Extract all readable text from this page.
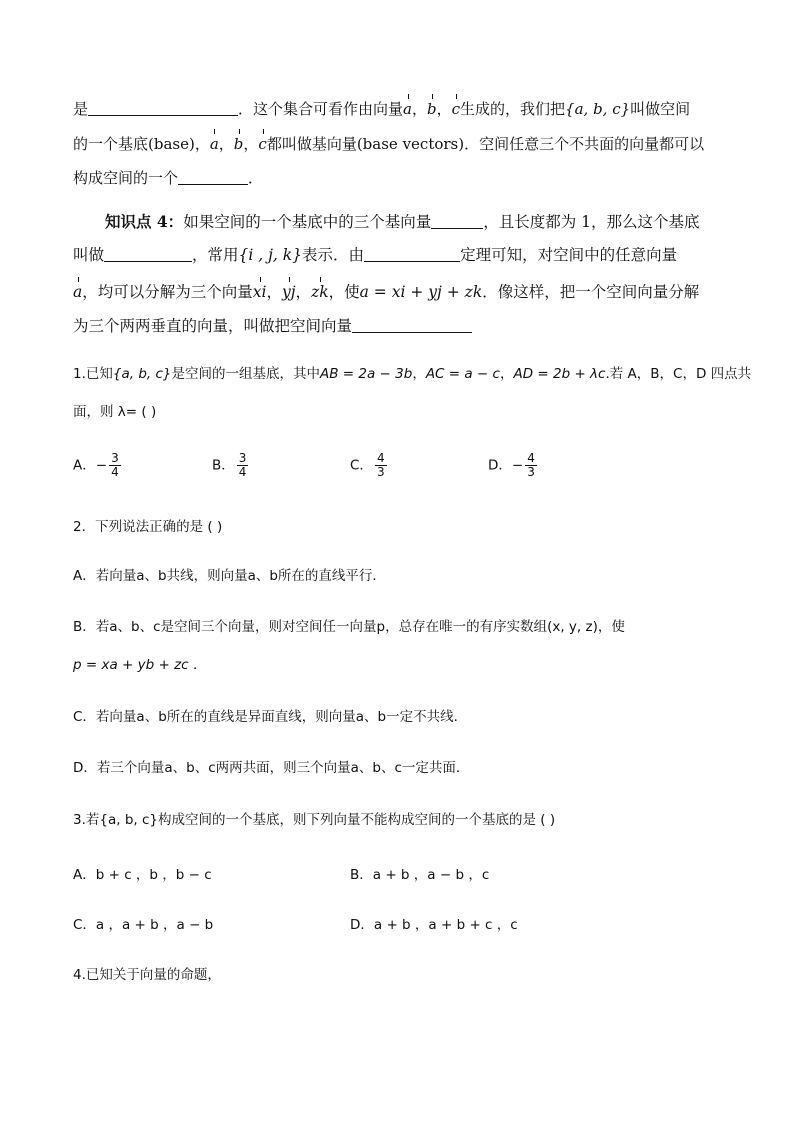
是	．这个集合可看作由向量a，b，c生成的，我们把{a, b, c}叫做空间
的一个基底(base)，a，b，c都叫做基向量(base vectors)．空间任意三个不共面的向量都可以
构成空间的一个	．
知识点 4：如果空间的一个基底中的三个基向量	，且长度都为 1，那么这个基底
叫做	，常用{i , j, k}表示．由	定理可知，对空间中的任意向量
a，均可以分解为三个向量xi，yj，zk，使a = xi + yj + zk．像这样，把一个空间向量分解
为三个两两垂直的向量，叫做把空间向量
1.已知{a, b, c}是空间的一组基底，其中AB = 2a − 3b，AC = a − c，AD = 2b + λc.若 A，B，C，D 四点共
面，则 λ= ( )
A．− $\frac{3}{4}$	B． $\frac{3}{4}$	C． $\frac{4}{3}$	D．− $\frac{4}{3}$
2．下列说法正确的是 ( )
A．若向量a、b共线，则向量a、b所在的直线平行．
B．若a、b、c是空间三个向量，则对空间任一向量p，总存在唯一的有序实数组(x, y, z)，使
p = xa + yb + zc ．
C．若向量a、b所在的直线是异面直线，则向量a、b一定不共线．
D．若三个向量a、b、c两两共面，则三个向量a、b、c一定共面．
3.若{a, b, c}构成空间的一个基底，则下列向量不能构成空间的一个基底的是 ( )
A．b + c ，b ，b − c	B．a + b ，a − b ，c
C．a ，a + b ，a − b	D．a + b ，a + b + c ，c
4.已知关于向量的命题，
